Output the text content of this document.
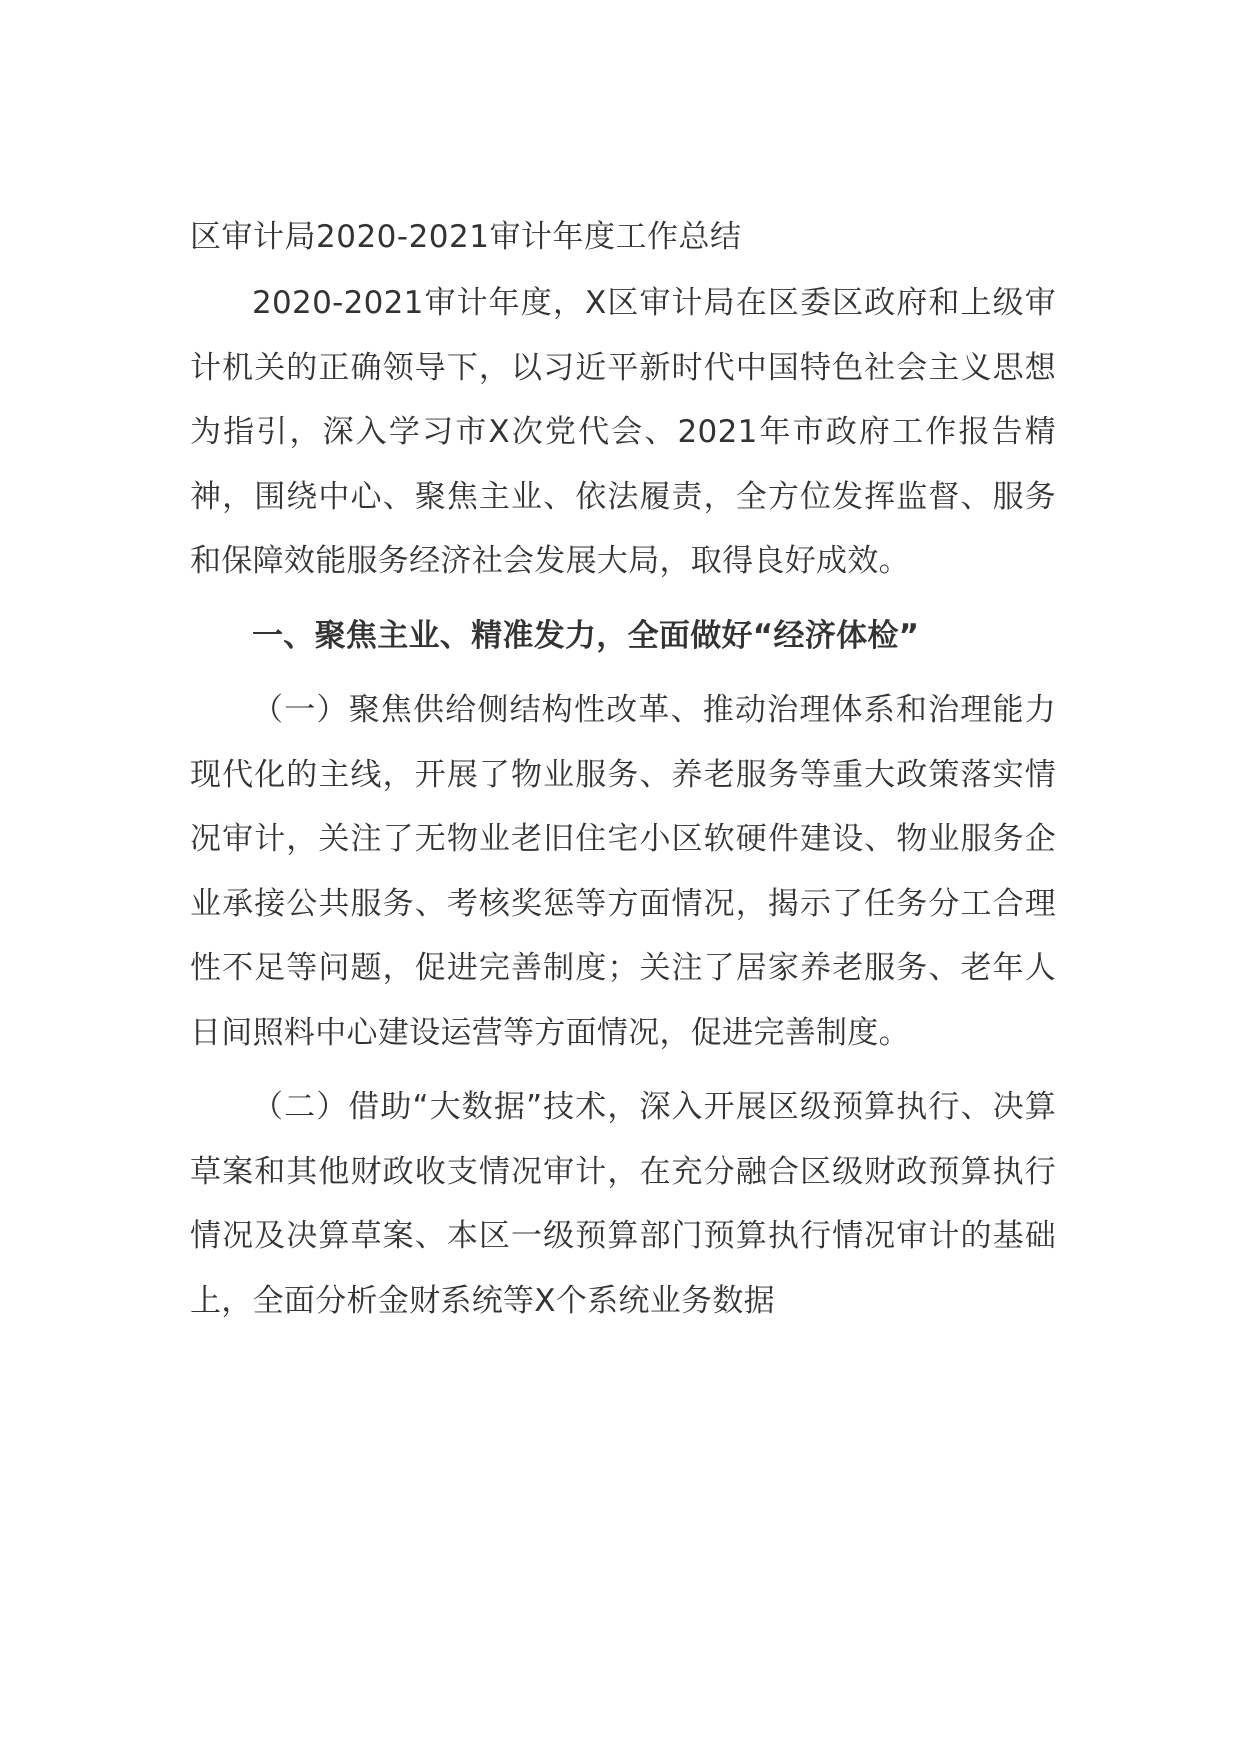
区审计局2020-2021审计年度工作总结

2020-2021审计年度，X区审计局在区委区政府和上级审计机关的正确领导下，以习近平新时代中国特色社会主义思想为指引，深入学习市X次党代会、2021年市政府工作报告精神，围绕中心、聚焦主业、依法履责，全方位发挥监督、服务和保障效能服务经济社会发展大局，取得良好成效。

一、聚焦主业、精准发力，全面做好“经济体检”

（一）聚焦供给侧结构性改革、推动治理体系和治理能力现代化的主线，开展了物业服务、养老服务等重大政策落实情况审计，关注了无物业老旧住宅小区软硬件建设、物业服务企业承接公共服务、考核奖惩等方面情况，揭示了任务分工合理性不足等问题，促进完善制度；关注了居家养老服务、老年人日间照料中心建设运营等方面情况，促进完善制度。

（二）借助“大数据”技术，深入开展区级预算执行、决算草案和其他财政收支情况审计，在充分融合区级财政预算执行情况及决算草案、本区一级预算部门预算执行情况审计的基础上，全面分析金财系统等X个系统业务数据
